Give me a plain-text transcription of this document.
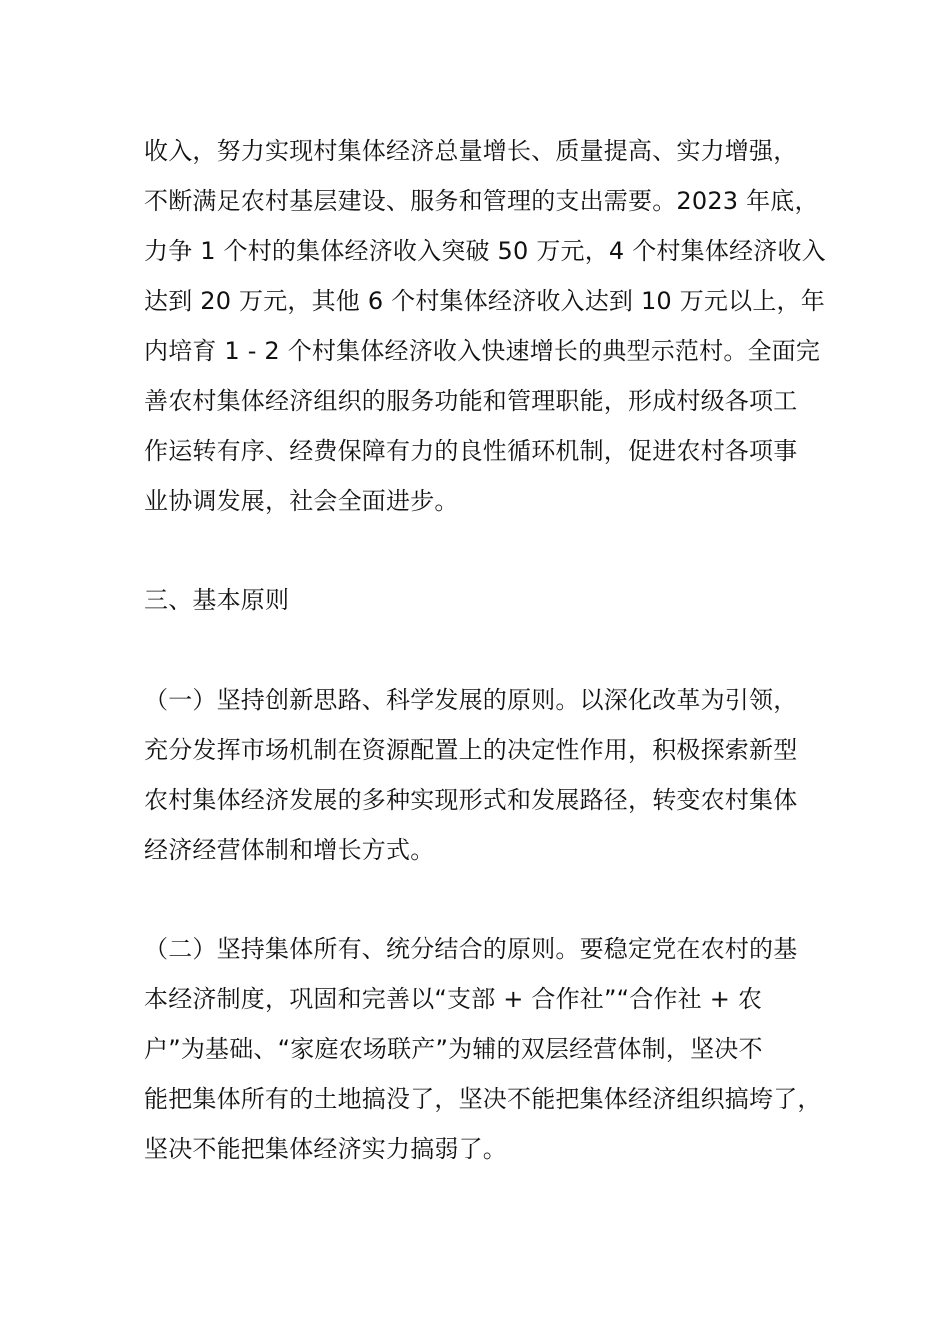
收入，努力实现村集体经济总量增长、质量提高、实力增强，
不断满足农村基层建设、服务和管理的支出需要。2023 年底，
力争 1 个村的集体经济收入突破 50 万元，4 个村集体经济收入
达到 20 万元，其他 6 个村集体经济收入达到 10 万元以上，年
内培育 1 - 2 个村集体经济收入快速增长的典型示范村。全面完
善农村集体经济组织的服务功能和管理职能，形成村级各项工
作运转有序、经费保障有力的良性循环机制，促进农村各项事
业协调发展，社会全面进步。
三、基本原则
（一）坚持创新思路、科学发展的原则。以深化改革为引领，
充分发挥市场机制在资源配置上的决定性作用，积极探索新型
农村集体经济发展的多种实现形式和发展路径，转变农村集体
经济经营体制和增长方式。
（二）坚持集体所有、统分结合的原则。要稳定党在农村的基
本经济制度，巩固和完善以“支部 + 合作社”“合作社 + 农
户”为基础、“家庭农场联产”为辅的双层经营体制，坚决不
能把集体所有的土地搞没了，坚决不能把集体经济组织搞垮了，
坚决不能把集体经济实力搞弱了。
